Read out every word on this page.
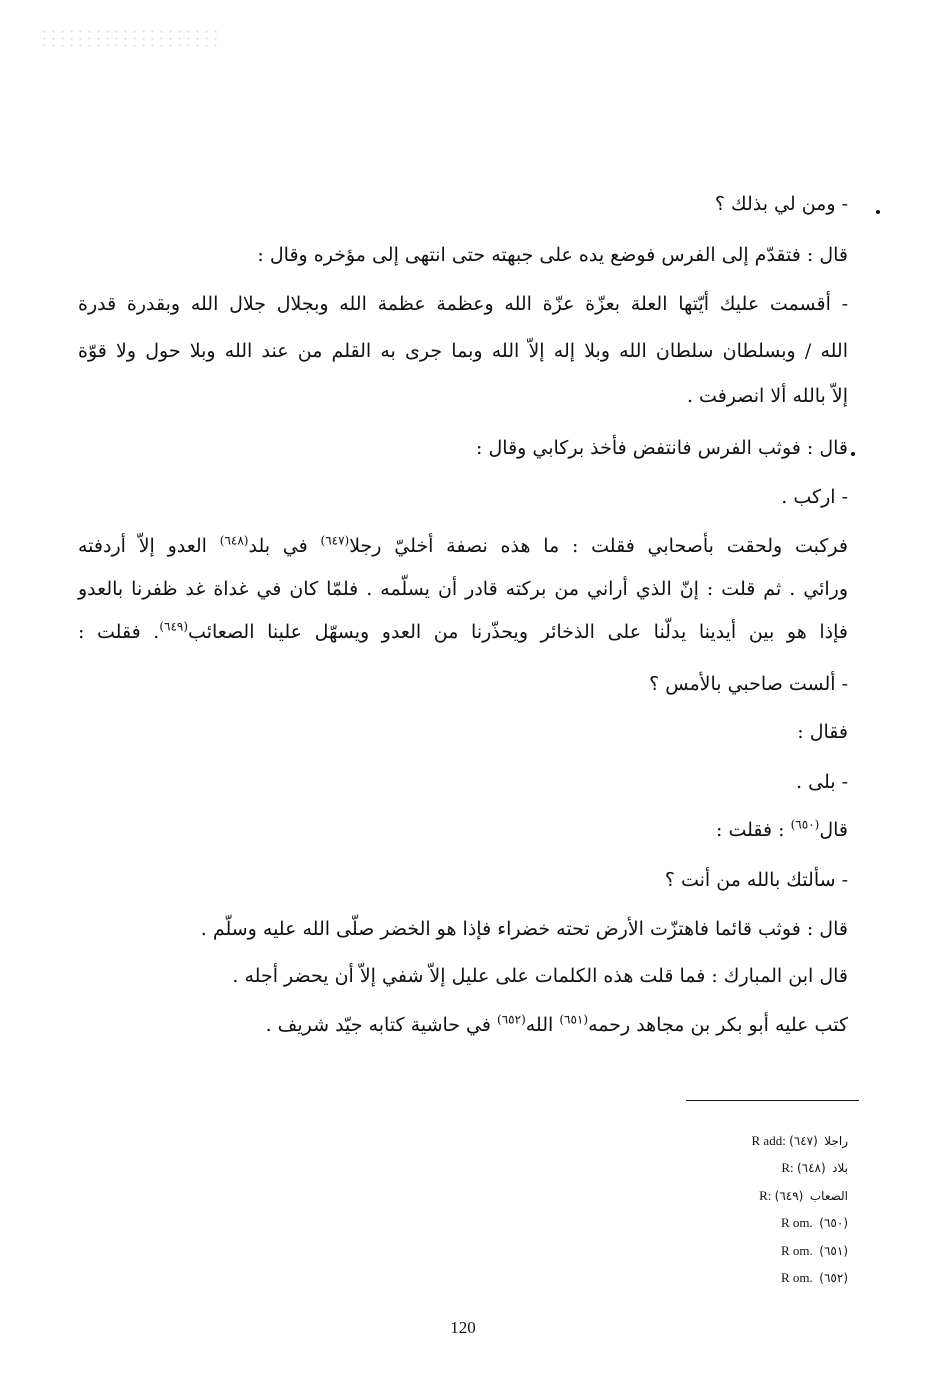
- ومن لي بذلك ؟
قال : فتقدّم إلى الفرس فوضع يده على جبهته حتى انتهى إلى مؤخره وقال :
- أقسمت عليك أيّتها العلة بعزّة عزّة الله وعظمة عظمة الله وبجلال جلال الله وبقدرة قدرة
الله / وبسلطان سلطان الله وبلا إله إلاّ الله وبما جرى به القلم من عند الله وبلا حول ولا قوّة
إلاّ بالله ألا انصرفت .
قال : فوثب الفرس فانتفض فأخذ بركابي وقال :
- اركب .
فركبت ولحقت بأصحابي فقلت : ما هذه نصفة أخليّ رجلا$^{(٦٤٧)}$ في بلد$^{(٦٤٨)}$ العدو إلاّ أردفته
ورائي . ثم قلت : إنّ الذي أراني من بركته قادر أن يسلّمه . فلمّا كان في غداة غد ظفرنا بالعدو
فإذا هو بين أيدينا يدلّنا على الذخائر ويحذّرنا من العدو ويسهّل علينا الصعائب$^{(٦٤٩)}$. فقلت :
- ألست صاحبي بالأمس ؟
فقال :
- بلى .
قال$^{(٦٥٠)}$ : فقلت :
- سألتك بالله من أنت ؟
قال : فوثب قائما فاهتزّت الأرض تحته خضراء فإذا هو الخضر صلّى الله عليه وسلّم .
قال ابن المبارك : فما قلت هذه الكلمات على عليل إلاّ شفي إلاّ أن يحضر أجله .
كتب عليه أبو بكر بن مجاهد رحمه$^{(٦٥١)}$ الله$^{(٦٥٢)}$ في حاشية كتابه جيّد شريف .
R add:	راجلا  (٦٤٧)
R:	بلاد  (٦٤٨)
R:	الصعاب  (٦٤٩)
R om. (٦٥٠)
R om. (٦٥١)
R om. (٦٥٢)
120
